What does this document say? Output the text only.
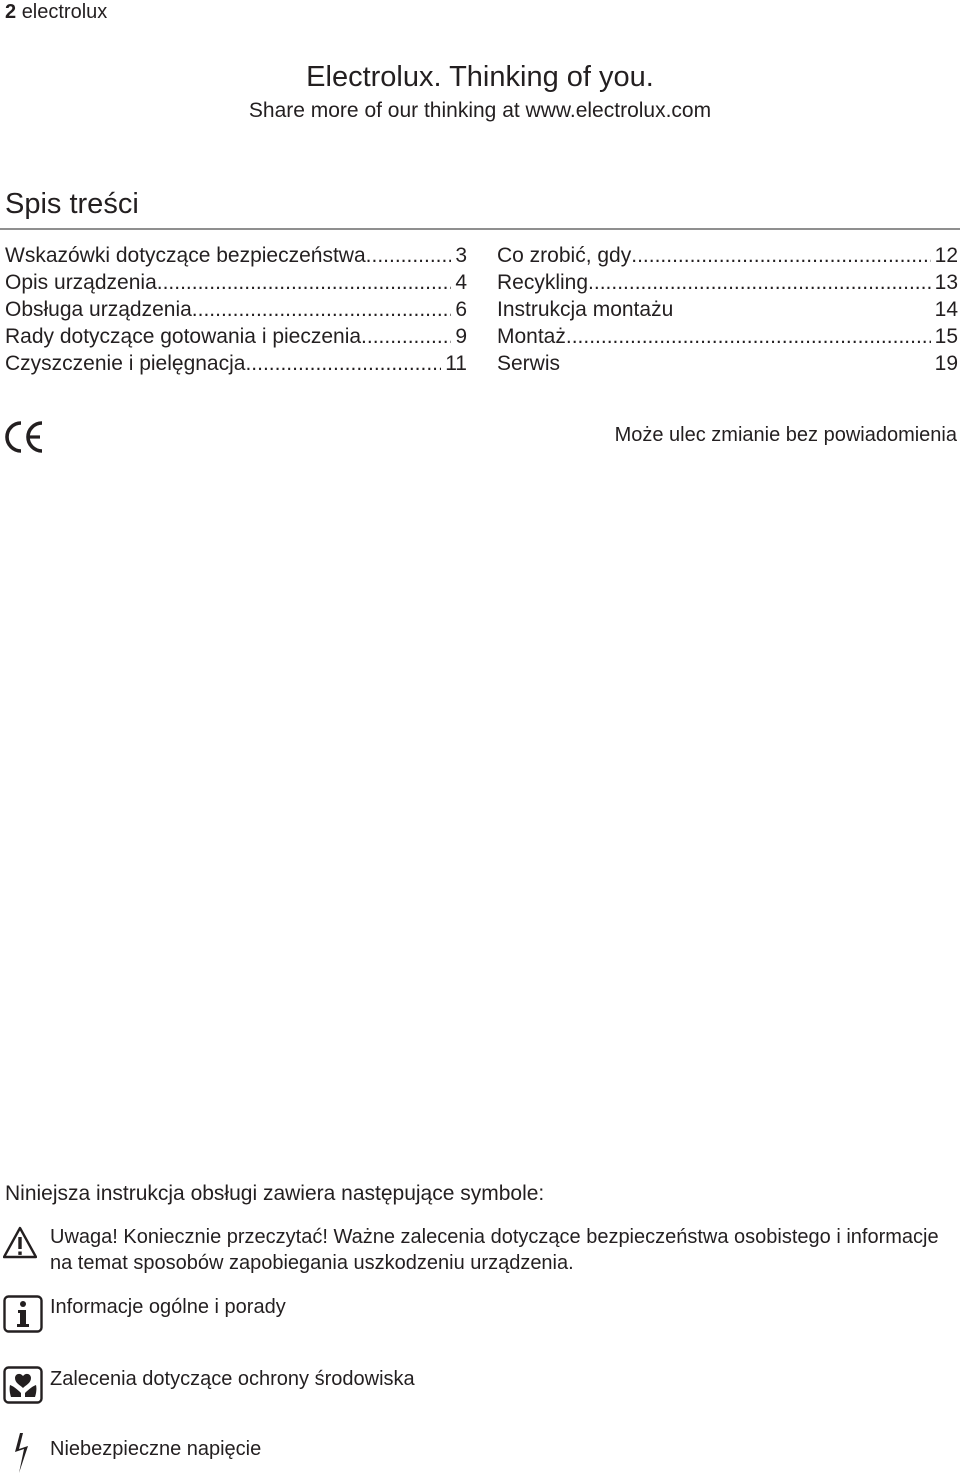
2 electrolux
Electrolux. Thinking of you.
Share more of our thinking at www.electrolux.com
Spis treści
Wskazówki dotyczące bezpieczeństwa .....	3
Opis urządzenia .....	4
Obsługa urządzenia .....	6
Rady dotyczące gotowania i pieczenia .....	9
Czyszczenie i pielęgnacja .....	11
Co zrobić, gdy .....	12
Recykling .....	13
Instrukcja montażu	14
Montaż .....	15
Serwis	19
Może ulec zmianie bez powiadomienia
Niniejsza instrukcja obsługi zawiera następujące symbole:
Uwaga! Koniecznie przeczytać! Ważne zalecenia dotyczące bezpieczeństwa osobistego i informacje na temat sposobów zapobiegania uszkodzeniu urządzenia.
Informacje ogólne i porady
Zalecenia dotyczące ochrony środowiska
Niebezpieczne napięcie
